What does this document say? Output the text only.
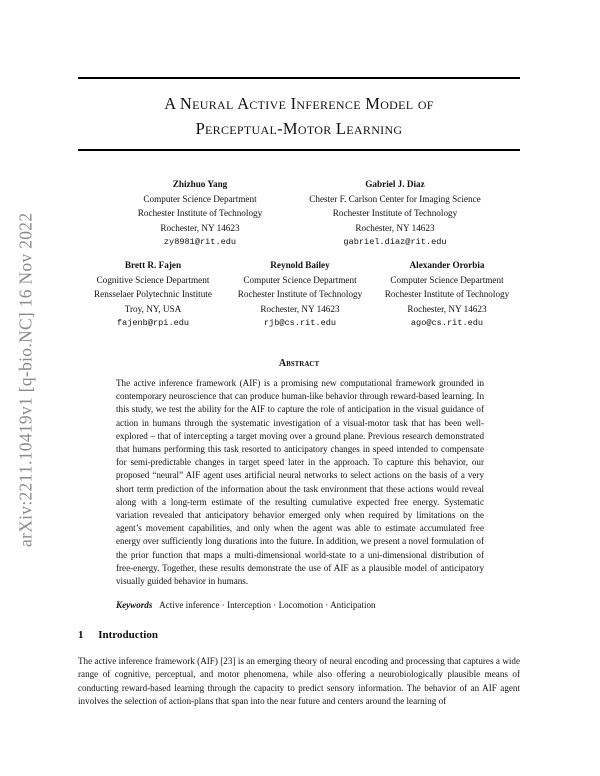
arXiv:2211.10419v1 [q-bio.NC] 16 Nov 2022
A Neural Active Inference Model of
Perceptual-Motor Learning
Zhizhuo Yang
Computer Science Department
Rochester Institute of Technology
Rochester, NY 14623
zy8981@rit.edu
Gabriel J. Diaz
Chester F. Carlson Center for Imaging Science
Rochester Institute of Technology
Rochester, NY 14623
gabriel.diaz@rit.edu
Brett R. Fajen
Cognitive Science Department
Rensselaer Polytechnic Institute
Troy, NY, USA
fajenb@rpi.edu
Reynold Bailey
Computer Science Department
Rochester Institute of Technology
Rochester, NY 14623
rjb@cs.rit.edu
Alexander Ororbia
Computer Science Department
Rochester Institute of Technology
Rochester, NY 14623
ago@cs.rit.edu
Abstract
The active inference framework (AIF) is a promising new computational framework grounded in contemporary neuroscience that can produce human-like behavior through reward-based learning. In this study, we test the ability for the AIF to capture the role of anticipation in the visual guidance of action in humans through the systematic investigation of a visual-motor task that has been well-explored – that of intercepting a target moving over a ground plane. Previous research demonstrated that humans performing this task resorted to anticipatory changes in speed intended to compensate for semi-predictable changes in target speed later in the approach. To capture this behavior, our proposed “neural” AIF agent uses artificial neural networks to select actions on the basis of a very short term prediction of the information about the task environment that these actions would reveal along with a long-term estimate of the resulting cumulative expected free energy. Systematic variation revealed that anticipatory behavior emerged only when required by limitations on the agent’s movement capabilities, and only when the agent was able to estimate accumulated free energy over sufficiently long durations into the future. In addition, we present a novel formulation of the prior function that maps a multi-dimensional world-state to a uni-dimensional distribution of free-energy. Together, these results demonstrate the use of AIF as a plausible model of anticipatory visually guided behavior in humans.
Keywords Active inference · Interception · Locomotion · Anticipation
1 Introduction
The active inference framework (AIF) [23] is an emerging theory of neural encoding and processing that captures a wide range of cognitive, perceptual, and motor phenomena, while also offering a neurobiologically plausible means of conducting reward-based learning through the capacity to predict sensory information. The behavior of an AIF agent involves the selection of action-plans that span into the near future and centers around the learning of
